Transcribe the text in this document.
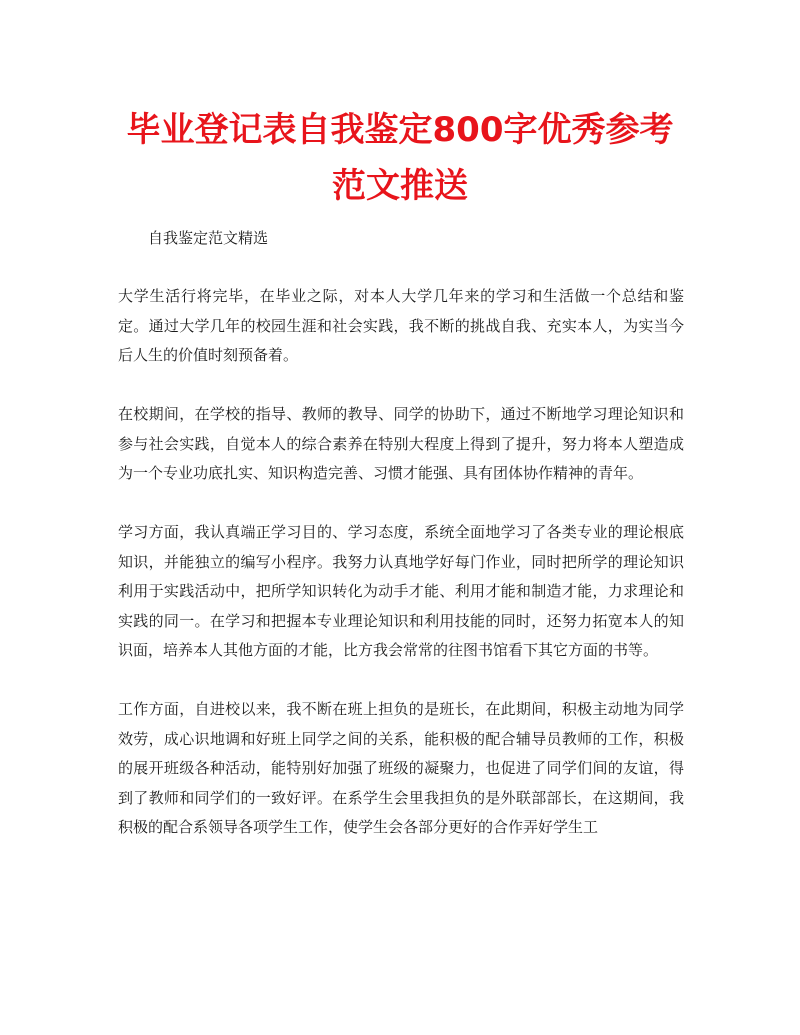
毕业登记表自我鉴定800字优秀参考范文推送

自我鉴定范文精选

大学生活行将完毕，在毕业之际，对本人大学几年来的学习和生活做一个总结和鉴定。通过大学几年的校园生涯和社会实践，我不断的挑战自我、充实本人，为实当今后人生的价值时刻预备着。

在校期间，在学校的指导、教师的教导、同学的协助下，通过不断地学习理论知识和参与社会实践，自觉本人的综合素养在特别大程度上得到了提升，努力将本人塑造成为一个专业功底扎实、知识构造完善、习惯才能强、具有团体协作精神的青年。

学习方面，我认真端正学习目的、学习态度，系统全面地学习了各类专业的理论根底知识，并能独立的编写小程序。我努力认真地学好每门作业，同时把所学的理论知识利用于实践活动中，把所学知识转化为动手才能、利用才能和制造才能，力求理论和实践的同一。在学习和把握本专业理论知识和利用技能的同时，还努力拓宽本人的知识面，培养本人其他方面的才能，比方我会常常的往图书馆看下其它方面的书等。

工作方面，自进校以来，我不断在班上担负的是班长，在此期间，积极主动地为同学效劳，成心识地调和好班上同学之间的关系，能积极的配合辅导员教师的工作，积极的展开班级各种活动，能特别好加强了班级的凝聚力，也促进了同学们间的友谊，得到了教师和同学们的一致好评。在系学生会里我担负的是外联部部长，在这期间，我积极的配合系领导各项学生工作，使学生会各部分更好的合作弄好学生工
